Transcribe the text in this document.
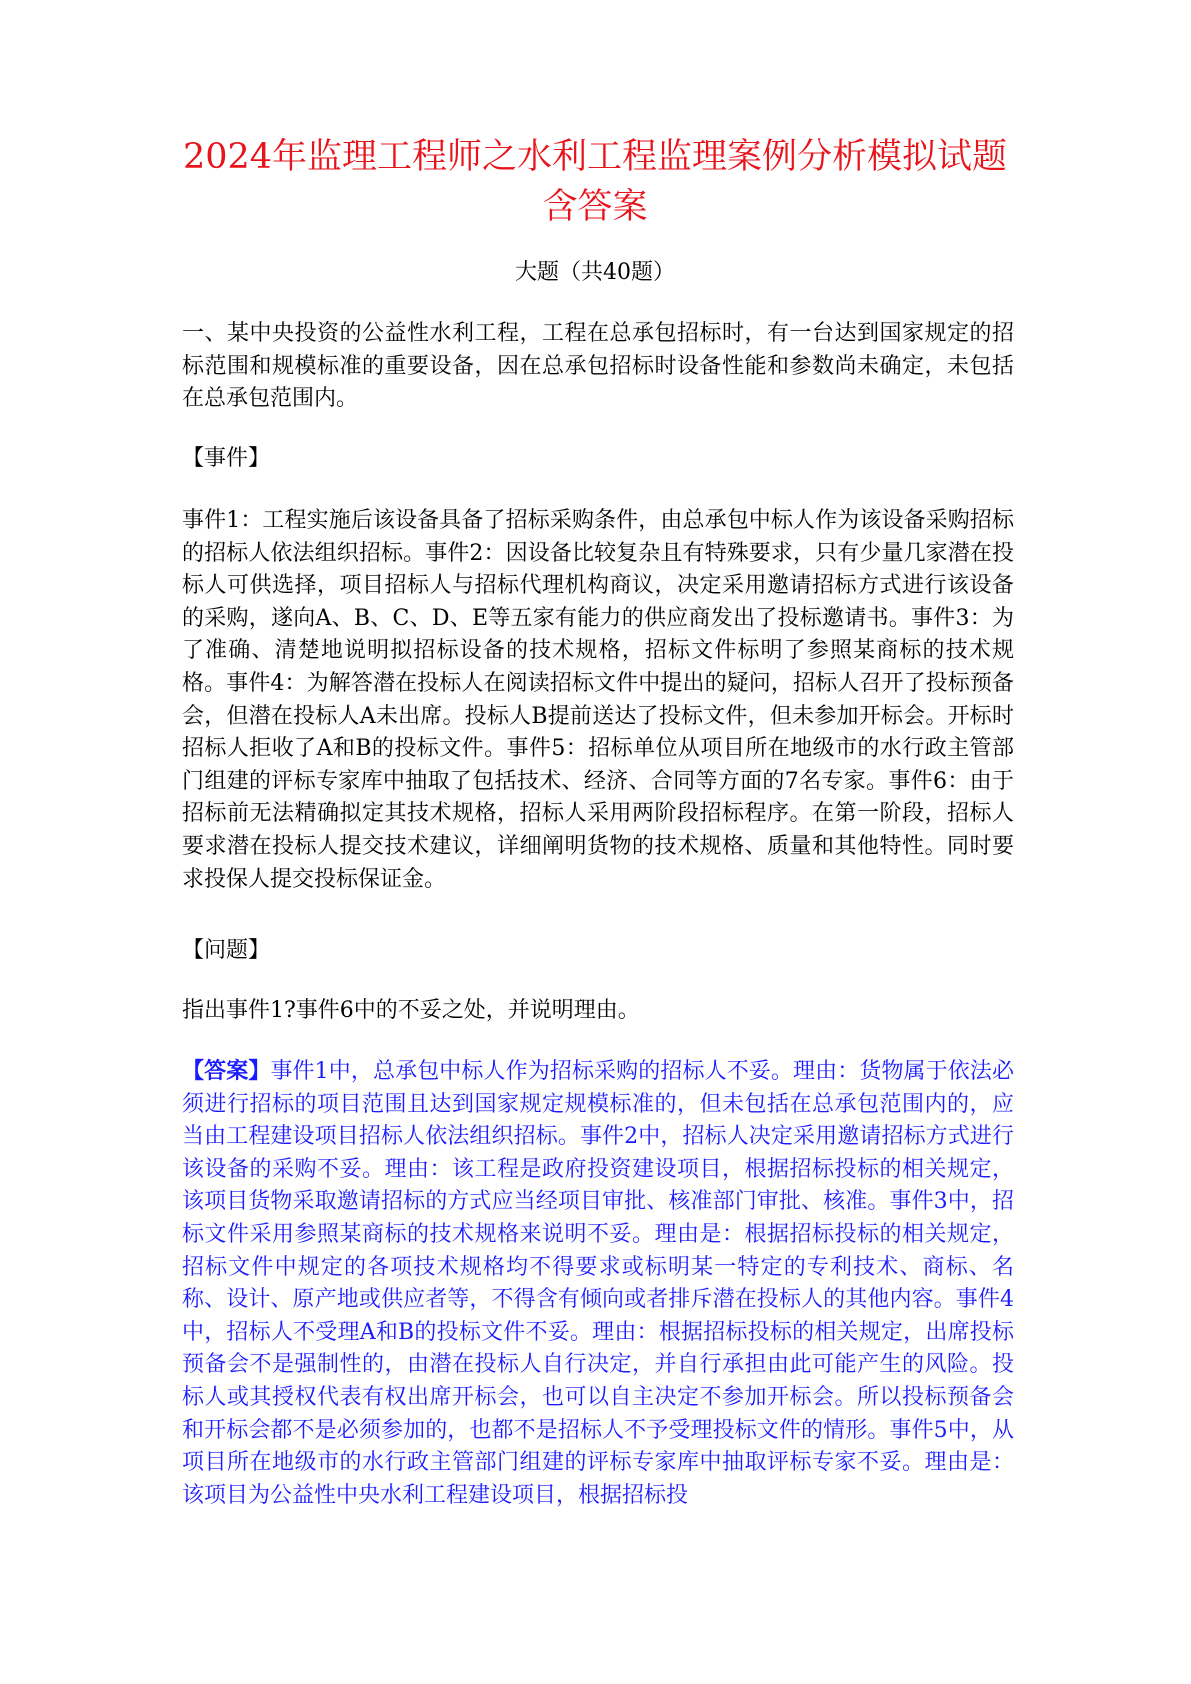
2024年监理工程师之水利工程监理案例分析模拟试题含答案

大题（共40题）

一、某中央投资的公益性水利工程，工程在总承包招标时，有一台达到国家规定的招标范围和规模标准的重要设备，因在总承包招标时设备性能和参数尚未确定，未包括在总承包范围内。

【事件】

事件1：工程实施后该设备具备了招标采购条件，由总承包中标人作为该设备采购招标的招标人依法组织招标。事件2：因设备比较复杂且有特殊要求，只有少量几家潜在投标人可供选择，项目招标人与招标代理机构商议，决定采用邀请招标方式进行该设备的采购，遂向A、B、C、D、E等五家有能力的供应商发出了投标邀请书。事件3：为了准确、清楚地说明拟招标设备的技术规格，招标文件标明了参照某商标的技术规格。事件4：为解答潜在投标人在阅读招标文件中提出的疑问，招标人召开了投标预备会，但潜在投标人A未出席。投标人B提前送达了投标文件，但未参加开标会。开标时招标人拒收了A和B的投标文件。事件5：招标单位从项目所在地级市的水行政主管部门组建的评标专家库中抽取了包括技术、经济、合同等方面的7名专家。事件6：由于招标前无法精确拟定其技术规格，招标人采用两阶段招标程序。在第一阶段，招标人要求潜在投标人提交技术建议，详细阐明货物的技术规格、质量和其他特性。同时要求投保人提交投标保证金。

【问题】

指出事件1?事件6中的不妥之处，并说明理由。

【答案】事件1中，总承包中标人作为招标采购的招标人不妥。理由：货物属于依法必须进行招标的项目范围且达到国家规定规模标准的，但未包括在总承包范围内的，应当由工程建设项目招标人依法组织招标。事件2中，招标人决定采用邀请招标方式进行该设备的采购不妥。理由：该工程是政府投资建设项目，根据招标投标的相关规定，该项目货物采取邀请招标的方式应当经项目审批、核准部门审批、核准。事件3中，招标文件采用参照某商标的技术规格来说明不妥。理由是：根据招标投标的相关规定，招标文件中规定的各项技术规格均不得要求或标明某一特定的专利技术、商标、名称、设计、原产地或供应者等，不得含有倾向或者排斥潜在投标人的其他内容。事件4中，招标人不受理A和B的投标文件不妥。理由：根据招标投标的相关规定，出席投标预备会不是强制性的，由潜在投标人自行决定，并自行承担由此可能产生的风险。投标人或其授权代表有权出席开标会，也可以自主决定不参加开标会。所以投标预备会和开标会都不是必须参加的，也都不是招标人不予受理投标文件的情形。事件5中，从项目所在地级市的水行政主管部门组建的评标专家库中抽取评标专家不妥。理由是：该项目为公益性中央水利工程建设项目，根据招标投
